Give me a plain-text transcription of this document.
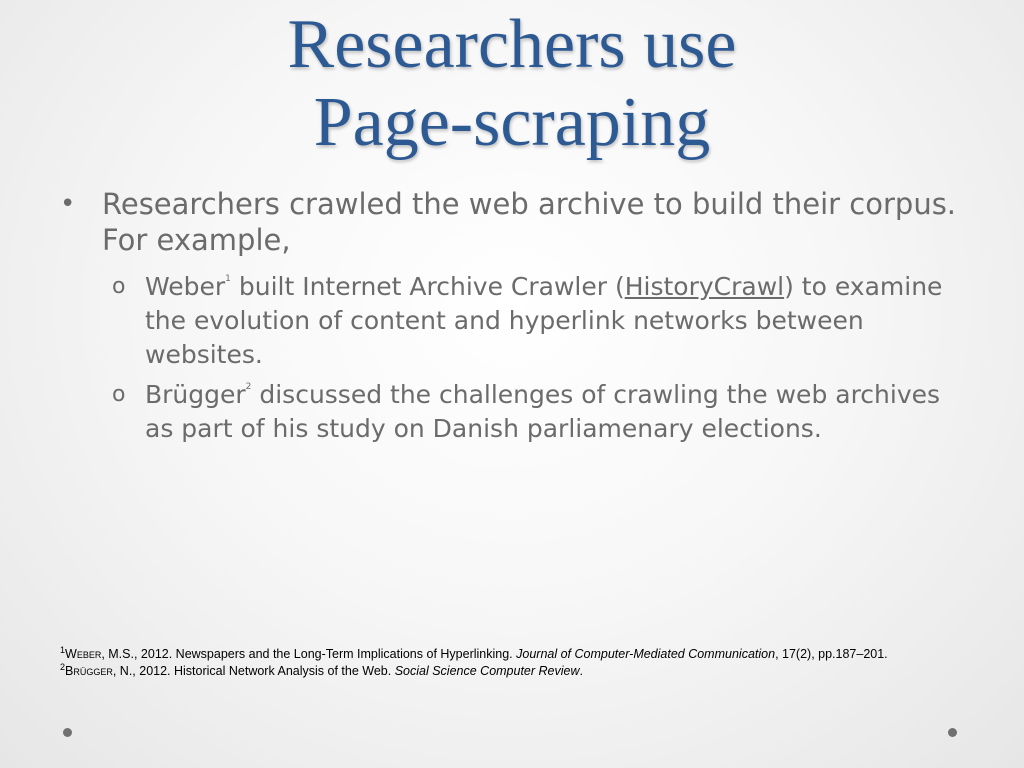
Researchers use
Page-scraping
• Researchers crawled the web archive to build their corpus. For example,
o Weber$^1$ built Internet Archive Crawler (HistoryCrawl) to examine the evolution of content and hyperlink networks between websites.
o Brügger$^2$ discussed the challenges of crawling the web archives as part of his study on Danish parliamenary elections.
$^1$Weber, M.S., 2012. Newspapers and the Long-Term Implications of Hyperlinking. Journal of Computer-Mediated Communication, 17(2), pp.187–201.
$^2$Brügger, N., 2012. Historical Network Analysis of the Web. Social Science Computer Review.
